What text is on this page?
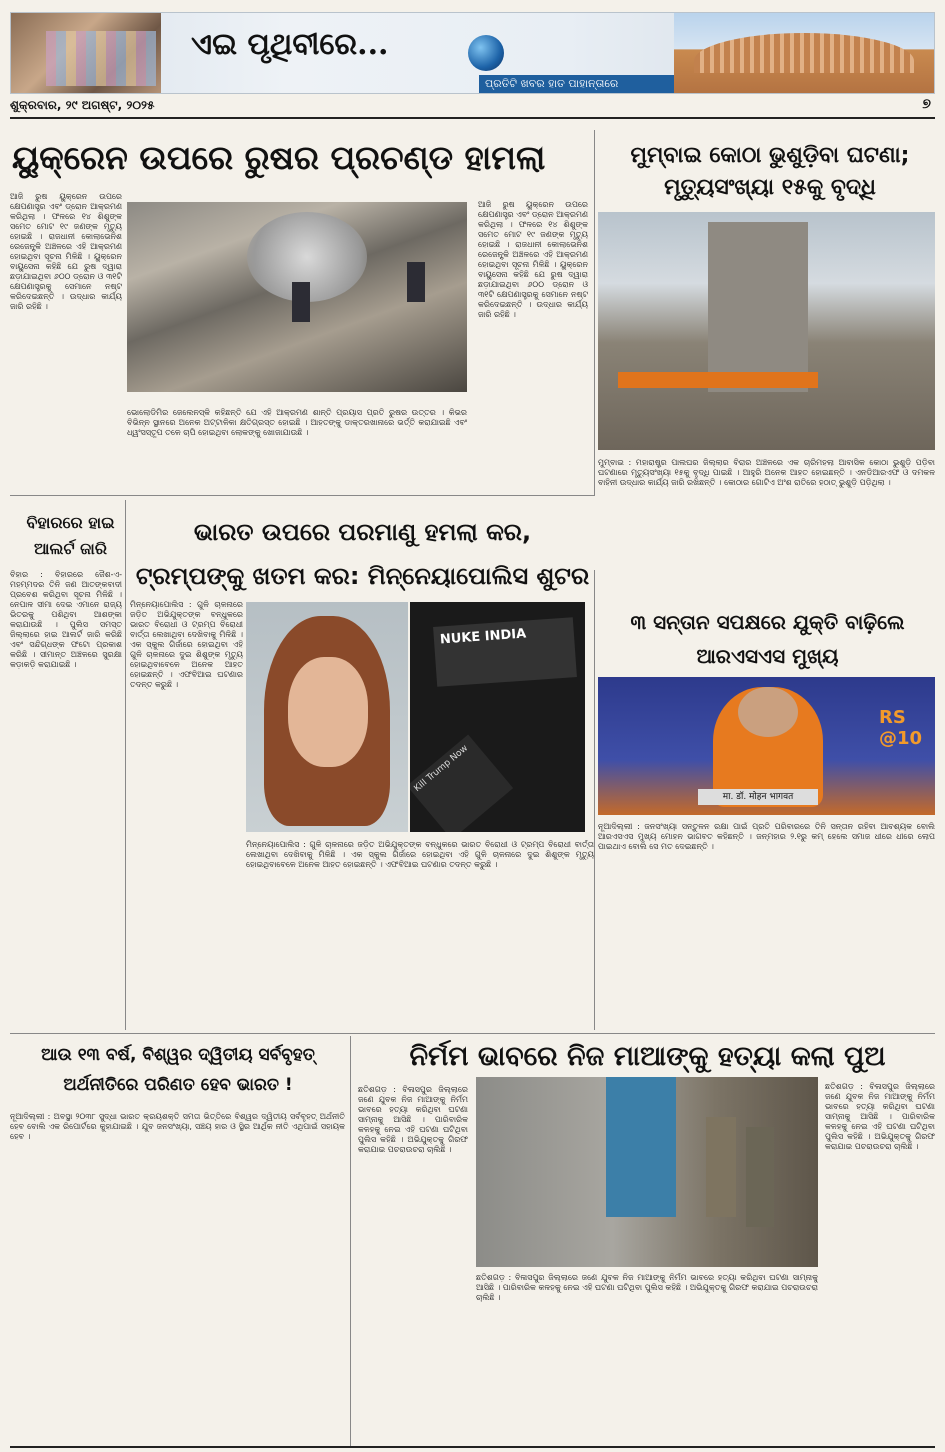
ଏଇ ପୃଥିବୀରେ...
ପ୍ରତିଟି ଖବର ହାତ ପାହାନ୍ତାରେ
ଶୁକ୍ରବାର, ୨୯ ଅଗଷ୍ଟ, ୨୦୨୫	୭
ୟୁକ୍ରେନ ଉପରେ ରୁଷର ପ୍ରଚଣ୍ଡ ହାମଲା
ଆଜି ରୁଷ ୟୁକ୍ରେନ ଉପରେ କ୍ଷେପଣାସ୍ତ୍ର ଏବଂ ଡ୍ରୋନ ଆକ୍ରମଣ କରିଥିଲା । ଫଳରେ ୧୪ ଶିଶୁଙ୍କ ସମେତ ମୋଟ ୧୯ ଜଣଙ୍କ ମୃତ୍ୟୁ ହୋଇଛି । ରାଜଧାନୀ କୋଲାଭେନିଶ ରେଜେନ୍ସ୍କି ଅଞ୍ଚଳରେ ଏହି ଆକ୍ରମଣ ହୋଇଥିବା ସୂଚନା ମିଳିଛି । ୟୁକ୍ରେନ ବାୟୁସେନା କହିଛି ଯେ ରୁଷ ଦ୍ୱାରା ଛଡ଼ାଯାଇଥିବା ୬୦୦ ଡ୍ରୋନ ଓ ୩୧ଟି କ୍ଷେପଣାସ୍ତ୍ରକୁ ସେମାନେ ନଷ୍ଟ କରିଦେଇଛନ୍ତି । ଉଦ୍ଧାର କାର୍ଯ୍ୟ ଜାରି ରହିଛି ।
ଭୋଲୋଡିମିର ଜେଲେନସ୍କି କହିଛନ୍ତି ଯେ ଏହି ଆକ୍ରମଣ ଶାନ୍ତି ପ୍ରୟାସ ପ୍ରତି ରୁଷର ଉତ୍ତର । କିଭର ବିଭିନ୍ନ ସ୍ଥାନରେ ଅନେକ ଅଟ୍ଟାଳିକା କ୍ଷତିଗ୍ରସ୍ତ ହୋଇଛି । ଆହତଙ୍କୁ ଡାକ୍ତରଖାନାରେ ଭର୍ତ୍ତି କରାଯାଇଛି ଏବଂ ଧ୍ୱଂସସ୍ତୂପ ତଳେ ଚାପି ହୋଇଥିବା ଲୋକଙ୍କୁ ଖୋଜାଯାଉଛି ।
ଆଜି ରୁଷ ୟୁକ୍ରେନ ଉପରେ କ୍ଷେପଣାସ୍ତ୍ର ଏବଂ ଡ୍ରୋନ ଆକ୍ରମଣ କରିଥିଲା । ଫଳରେ ୧୪ ଶିଶୁଙ୍କ ସମେତ ମୋଟ ୧୯ ଜଣଙ୍କ ମୃତ୍ୟୁ ହୋଇଛି । ରାଜଧାନୀ କୋଲାଭେନିଶ ରେଜେନ୍ସ୍କି ଅଞ୍ଚଳରେ ଏହି ଆକ୍ରମଣ ହୋଇଥିବା ସୂଚନା ମିଳିଛି । ୟୁକ୍ରେନ ବାୟୁସେନା କହିଛି ଯେ ରୁଷ ଦ୍ୱାରା ଛଡ଼ାଯାଇଥିବା ୬୦୦ ଡ୍ରୋନ ଓ ୩୧ଟି କ୍ଷେପଣାସ୍ତ୍ରକୁ ସେମାନେ ନଷ୍ଟ କରିଦେଇଛନ୍ତି । ଉଦ୍ଧାର କାର୍ଯ୍ୟ ଜାରି ରହିଛି ।
ମୁମ୍ବାଇ କୋଠା ଭୁଶୁଡ଼ିବା ଘଟଣା; ମୃତ୍ୟୁସଂଖ୍ୟା ୧୫କୁ ବୃଦ୍ଧି
ମୁମ୍ବାଇ : ମହାରାଷ୍ଟ୍ର ପାଲଘର ଜିଲ୍ଲାର ବିରାର ଅଞ୍ଚଳରେ ଏକ ଚାରିମହଲା ଆବାସିକ କୋଠା ଭୁଶୁଡ଼ି ପଡ଼ିବା ଘଟଣାରେ ମୃତ୍ୟୁସଂଖ୍ୟା ୧୫କୁ ବୃଦ୍ଧି ପାଇଛି । ଆହୁରି ଅନେକ ଆହତ ହୋଇଛନ୍ତି । ଏନଡିଆରଏଫ ଓ ଦମକଳ ବାହିନୀ ଉଦ୍ଧାର କାର୍ଯ୍ୟ ଜାରି ରଖିଛନ୍ତି । କୋଠାର ଗୋଟିଏ ଅଂଶ ରାତିରେ ହଠାତ୍ ଭୁଶୁଡ଼ି ପଡ଼ିଥିଲା ।
ବିହାରରେ ହାଇ ଆଲର୍ଟ ଜାରି
ବିହାର : ବିହାରରେ ଜୈଶ-ଏ-ମହମ୍ମଦର ତିନି ଜଣ ଆତଙ୍କବାଦୀ ପ୍ରବେଶ କରିଥିବା ସୂଚନା ମିଳିଛି । ନେପାଳ ସୀମା ଦେଇ ଏମାନେ ରାଜ୍ୟ ଭିତରକୁ ପଶିଥିବା ଆଶଙ୍କା କରାଯାଉଛି । ପୁଲିସ ସମସ୍ତ ଜିଲ୍ଲାରେ ହାଇ ଆଲର୍ଟ ଜାରି କରିଛି ଏବଂ ସନ୍ଦିଗ୍ଧଙ୍କ ଫଟୋ ପ୍ରକାଶ କରିଛି । ସୀମାନ୍ତ ଅଞ୍ଚଳରେ ସୁରକ୍ଷା କଡ଼ାକଡ଼ି କରାଯାଇଛି ।
ଭାରତ ଉପରେ ପରମାଣୁ ହମଲା କର,
ଟ୍ରମ୍ପଙ୍କୁ ଖତମ କର: ମିନ୍ନେୟାପୋଲିସ ଶୁଟର
ମିନ୍ନେୟାପୋଲିସ : ଗୁଳି ଚାଳନାରେ ଜଡ଼ିତ ଅଭିଯୁକ୍ତଙ୍କ ବନ୍ଧୁକରେ ଭାରତ ବିରୋଧୀ ଓ ଟ୍ରମ୍ପ ବିରୋଧୀ ବାର୍ତ୍ତା ଲେଖାଥିବା ଦେଖିବାକୁ ମିଳିଛି । ଏକ ସ୍କୁଲ ଗିର୍ଜାରେ ହୋଇଥିବା ଏହି ଗୁଳି ଚାଳନାରେ ଦୁଇ ଶିଶୁଙ୍କ ମୃତ୍ୟୁ ହୋଇଥିବାବେଳେ ଅନେକ ଆହତ ହୋଇଛନ୍ତି । ଏଫବିଆଇ ଘଟଣାର ତଦନ୍ତ କରୁଛି ।
NUKE INDIA
Kill Trump Now
ମିନ୍ନେୟାପୋଲିସ : ଗୁଳି ଚାଳନାରେ ଜଡ଼ିତ ଅଭିଯୁକ୍ତଙ୍କ ବନ୍ଧୁକରେ ଭାରତ ବିରୋଧୀ ଓ ଟ୍ରମ୍ପ ବିରୋଧୀ ବାର୍ତ୍ତା ଲେଖାଥିବା ଦେଖିବାକୁ ମିଳିଛି । ଏକ ସ୍କୁଲ ଗିର୍ଜାରେ ହୋଇଥିବା ଏହି ଗୁଳି ଚାଳନାରେ ଦୁଇ ଶିଶୁଙ୍କ ମୃତ୍ୟୁ ହୋଇଥିବାବେଳେ ଅନେକ ଆହତ ହୋଇଛନ୍ତି । ଏଫବିଆଇ ଘଟଣାର ତଦନ୍ତ କରୁଛି ।
୩ ସନ୍ତାନ ସପକ୍ଷରେ ଯୁକ୍ତି ବାଢ଼ିଲେ ଆରଏସଏସ ମୁଖ୍ୟ
मा. डॉ. मोहन भागवत
RS @10
ନୂଆଦିଲ୍ଲୀ : ଜନସଂଖ୍ୟା ସନ୍ତୁଳନ ରକ୍ଷା ପାଇଁ ପ୍ରତି ପରିବାରରେ ତିନି ସନ୍ତାନ ରହିବା ଆବଶ୍ୟକ ବୋଲି ଆରଏସଏସ ମୁଖ୍ୟ ମୋହନ ଭାଗବତ କହିଛନ୍ତି । ଜନ୍ମହାର ୨.୧ରୁ କମ୍ ହେଲେ ସମାଜ ଧୀରେ ଧୀରେ ଲୋପ ପାଇଥାଏ ବୋଲି ସେ ମତ ଦେଇଛନ୍ତି ।
ଆଉ ୧୩ ବର୍ଷ, ବିଶ୍ୱର ଦ୍ୱିତୀୟ ସର୍ବବୃହତ୍
ଅର୍ଥନୀତିରେ ପରିଣତ ହେବ ଭାରତ !
ନୂଆଦିଲ୍ଲୀ : ଅବସ୍ଥା ୨୦୩୮ ସୁଦ୍ଧା ଭାରତ କ୍ରୟଶକ୍ତି ସମତା ଭିତ୍ତିରେ ବିଶ୍ୱର ଦ୍ୱିତୀୟ ସର୍ବବୃହତ୍ ଅର୍ଥନୀତି ହେବ ବୋଲି ଏକ ରିପୋର୍ଟରେ କୁହାଯାଇଛି । ଯୁବ ଜନସଂଖ୍ୟା, ସଞ୍ଚୟ ହାର ଓ ସ୍ଥିର ଆର୍ଥିକ ନୀତି ଏଥିପାଇଁ ସହାୟକ ହେବ ।
ନିର୍ମମ ଭାବରେ ନିଜ ମାଆଙ୍କୁ ହତ୍ୟା କଲା ପୁଅ
ଛତିଶଗଡ଼ : ବିଳାସପୁର ଜିଲ୍ଲାରେ ଜଣେ ଯୁବକ ନିଜ ମାଆଙ୍କୁ ନିର୍ମମ ଭାବରେ ହତ୍ୟା କରିଥିବା ଘଟଣା ସାମ୍ନାକୁ ଆସିଛି । ପାରିବାରିକ କଳହକୁ ନେଇ ଏହି ଘଟଣା ଘଟିଥିବା ପୁଲିସ କହିଛି । ଅଭିଯୁକ୍ତକୁ ଗିରଫ କରାଯାଇ ପଚରାଉଚରା ଚାଲିଛି ।
ଛତିଶଗଡ଼ : ବିଳାସପୁର ଜିଲ୍ଲାରେ ଜଣେ ଯୁବକ ନିଜ ମାଆଙ୍କୁ ନିର୍ମମ ଭାବରେ ହତ୍ୟା କରିଥିବା ଘଟଣା ସାମ୍ନାକୁ ଆସିଛି । ପାରିବାରିକ କଳହକୁ ନେଇ ଏହି ଘଟଣା ଘଟିଥିବା ପୁଲିସ କହିଛି । ଅଭିଯୁକ୍ତକୁ ଗିରଫ କରାଯାଇ ପଚରାଉଚରା ଚାଲିଛି ।
ଛତିଶଗଡ଼ : ବିଳାସପୁର ଜିଲ୍ଲାରେ ଜଣେ ଯୁବକ ନିଜ ମାଆଙ୍କୁ ନିର୍ମମ ଭାବରେ ହତ୍ୟା କରିଥିବା ଘଟଣା ସାମ୍ନାକୁ ଆସିଛି । ପାରିବାରିକ କଳହକୁ ନେଇ ଏହି ଘଟଣା ଘଟିଥିବା ପୁଲିସ କହିଛି । ଅଭିଯୁକ୍ତକୁ ଗିରଫ କରାଯାଇ ପଚରାଉଚରା ଚାଲିଛି ।
